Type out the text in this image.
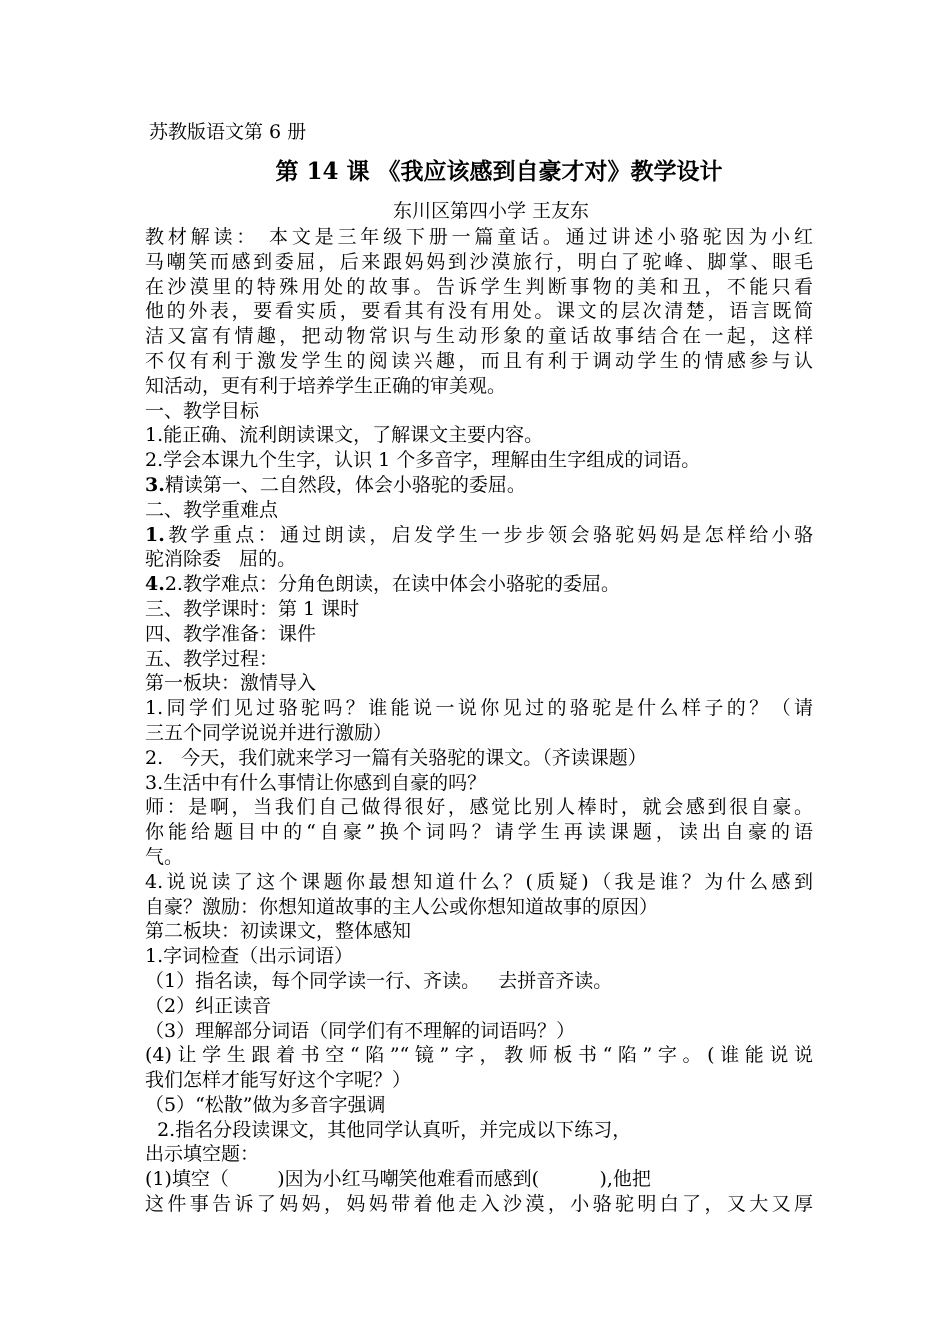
苏教版语文第 6 册
第 14 课 《我应该感到自豪才对》教学设计
东川区第四小学 王友东
教材解读： 本文是三年级下册一篇童话。通过讲述小骆驼因为小红
马嘲笑而感到委屈，后来跟妈妈到沙漠旅行，明白了驼峰、脚掌、眼毛
在沙漠里的特殊用处的故事。告诉学生判断事物的美和丑，不能只看
他的外表，要看实质，要看其有没有用处。课文的层次清楚，语言既简
洁又富有情趣，把动物常识与生动形象的童话故事结合在一起，这样
不仅有利于激发学生的阅读兴趣，而且有利于调动学生的情感参与认
知活动，更有利于培养学生正确的审美观。
一、教学目标
1.能正确、流利朗读课文，了解课文主要内容。
2.学会本课九个生字，认识 1 个多音字，理解由生字组成的词语。
3.精读第一、二自然段，体会小骆驼的委屈。
二、教学重难点
1.教学重点：通过朗读，启发学生一步步领会骆驼妈妈是怎样给小骆
驼消除委   屈的。
4.2.教学难点：分角色朗读，在读中体会小骆驼的委屈。
三、教学课时：第 1 课时
四、教学准备：课件
五、教学过程：
第一板块：激情导入
1.同学们见过骆驼吗？谁能说一说你见过的骆驼是什么样子的？（请
三五个同学说说并进行激励）
2.   今天，我们就来学习一篇有关骆驼的课文。（齐读课题）
3.生活中有什么事情让你感到自豪的吗？
师：是啊，当我们自己做得很好，感觉比别人棒时，就会感到很自豪。
你能给题目中的“自豪”换个词吗？请学生再读课题，读出自豪的语
气。
4.说说读了这个课题你最想知道什么？(质疑)（我是谁？为什么感到
自豪？激励：你想知道故事的主人公或你想知道故事的原因）
第二板块：初读课文，整体感知
1.字词检查（出示词语）
（1）指名读，每个同学读一行、齐读。   去拼音齐读。
（2）纠正读音
（3）理解部分词语（同学们有不理解的词语吗？）
(4)让学生跟着书空“陷”“镜”字，教师板书“陷”字。(谁能说说
我们怎样才能写好这个字呢？）
（5）“松散”做为多音字强调
2.指名分段读课文，其他同学认真听，并完成以下练习，
出示填空题：
(1)填空（        )因为小红马嘲笑他难看而感到(          ),他把
这件事告诉了妈妈，妈妈带着他走入沙漠，小骆驼明白了，又大又厚
